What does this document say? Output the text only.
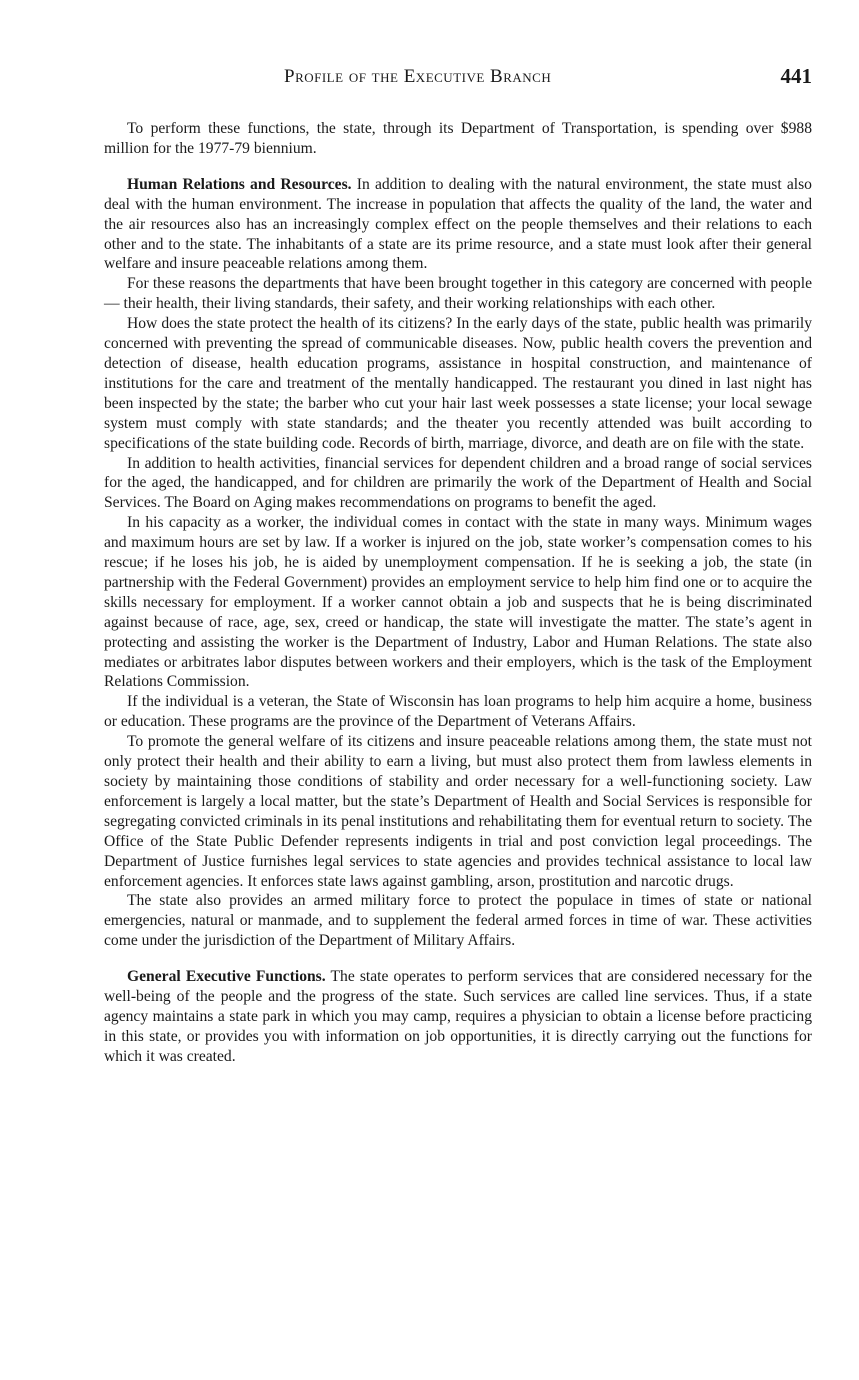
Profile of the Executive Branch	441

To perform these functions, the state, through its Department of Transportation, is spending over $988 million for the 1977-79 biennium.

Human Relations and Resources. In addition to dealing with the natural environment, the state must also deal with the human environment. The increase in population that affects the quality of the land, the water and the air resources also has an increasingly complex effect on the people themselves and their relations to each other and to the state. The inhabitants of a state are its prime resource, and a state must look after their general welfare and insure peaceable relations among them.

For these reasons the departments that have been brought together in this category are concerned with people — their health, their living standards, their safety, and their working relationships with each other.

How does the state protect the health of its citizens? In the early days of the state, public health was primarily concerned with preventing the spread of communicable diseases. Now, public health covers the prevention and detection of disease, health education programs, assistance in hospital construction, and maintenance of institutions for the care and treatment of the mentally handicapped. The restaurant you dined in last night has been inspected by the state; the barber who cut your hair last week possesses a state license; your local sewage system must comply with state standards; and the theater you recently attended was built according to specifications of the state building code. Records of birth, marriage, divorce, and death are on file with the state.

In addition to health activities, financial services for dependent children and a broad range of social services for the aged, the handicapped, and for children are primarily the work of the Department of Health and Social Services. The Board on Aging makes recommendations on programs to benefit the aged.

In his capacity as a worker, the individual comes in contact with the state in many ways. Minimum wages and maximum hours are set by law. If a worker is injured on the job, state worker’s compensation comes to his rescue; if he loses his job, he is aided by unemployment compensation. If he is seeking a job, the state (in partnership with the Federal Government) provides an employment service to help him find one or to acquire the skills necessary for employment. If a worker cannot obtain a job and suspects that he is being discriminated against because of race, age, sex, creed or handicap, the state will investigate the matter. The state’s agent in protecting and assisting the worker is the Department of Industry, Labor and Human Relations. The state also mediates or arbitrates labor disputes between workers and their employers, which is the task of the Employment Relations Commission.

If the individual is a veteran, the State of Wisconsin has loan programs to help him acquire a home, business or education. These programs are the province of the Department of Veterans Affairs.

To promote the general welfare of its citizens and insure peaceable relations among them, the state must not only protect their health and their ability to earn a living, but must also protect them from lawless elements in society by maintaining those conditions of stability and order necessary for a well-functioning society. Law enforcement is largely a local matter, but the state’s Department of Health and Social Services is responsible for segregating convicted criminals in its penal institutions and rehabilitating them for eventual return to society. The Office of the State Public Defender represents indigents in trial and post conviction legal proceedings. The Department of Justice furnishes legal services to state agencies and provides technical assistance to local law enforcement agencies. It enforces state laws against gambling, arson, prostitution and narcotic drugs.

The state also provides an armed military force to protect the populace in times of state or national emergencies, natural or manmade, and to supplement the federal armed forces in time of war. These activities come under the jurisdiction of the Department of Military Affairs.

General Executive Functions. The state operates to perform services that are considered necessary for the well-being of the people and the progress of the state. Such services are called line services. Thus, if a state agency maintains a state park in which you may camp, requires a physician to obtain a license before practicing in this state, or provides you with information on job opportunities, it is directly carrying out the functions for which it was created.
